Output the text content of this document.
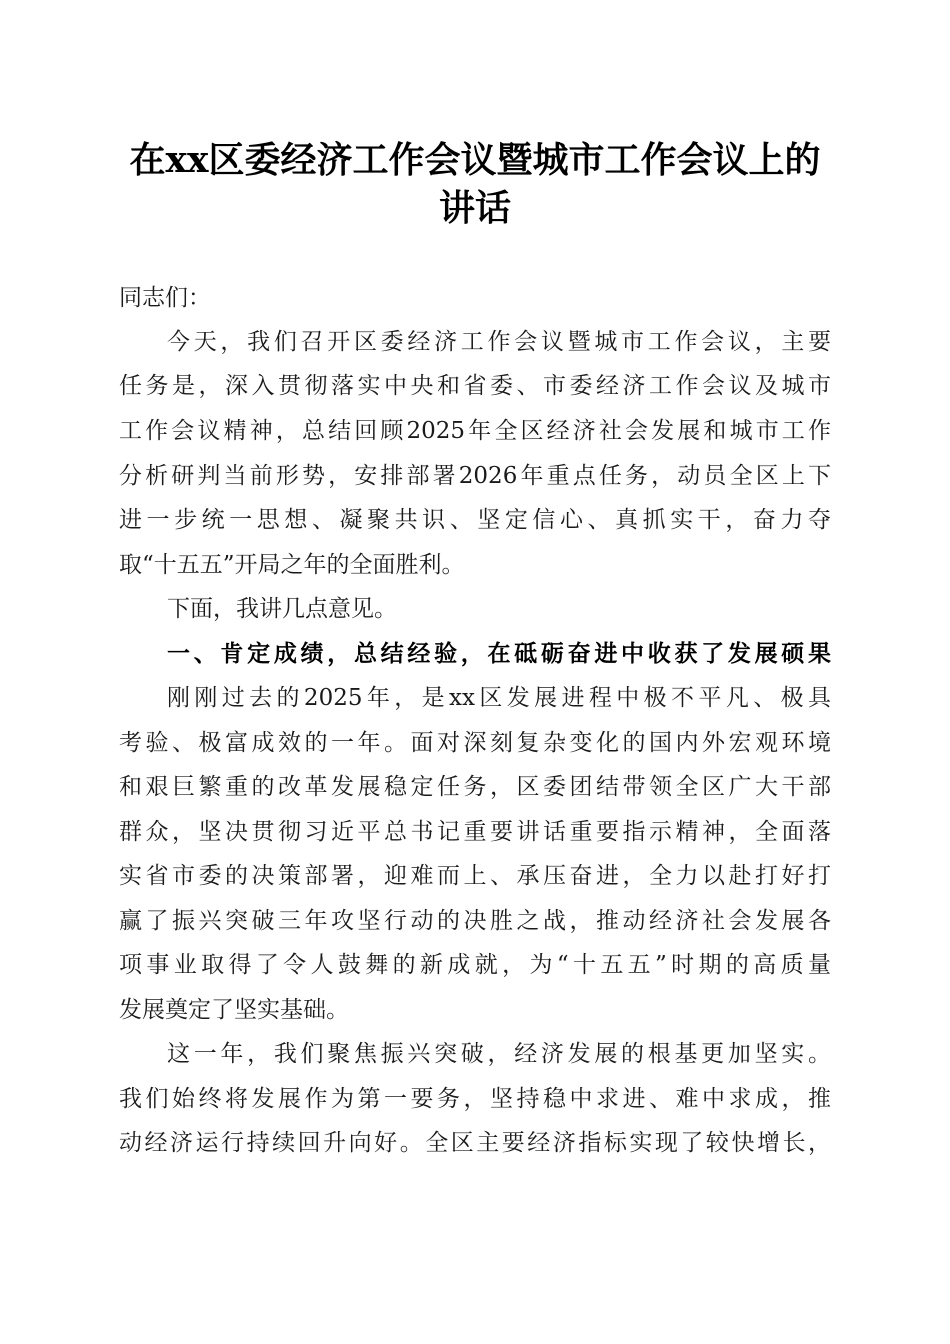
在xx区委经济工作会议暨城市工作会议上的
讲话
同志们：
今天，我们召开区委经济工作会议暨城市工作会议，主要
任务是，深入贯彻落实中央和省委、市委经济工作会议及城市
工作会议精神，总结回顾2025年全区经济社会发展和城市工作
分析研判当前形势，安排部署2026年重点任务，动员全区上下
进一步统一思想、凝聚共识、坚定信心、真抓实干，奋力夺
取“十五五”开局之年的全面胜利。
下面，我讲几点意见。
一、肯定成绩，总结经验，在砥砺奋进中收获了发展硕果
刚刚过去的2025年，是xx区发展进程中极不平凡、极具
考验、极富成效的一年。面对深刻复杂变化的国内外宏观环境
和艰巨繁重的改革发展稳定任务，区委团结带领全区广大干部
群众，坚决贯彻习近平总书记重要讲话重要指示精神，全面落
实省市委的决策部署，迎难而上、承压奋进，全力以赴打好打
赢了振兴突破三年攻坚行动的决胜之战，推动经济社会发展各
项事业取得了令人鼓舞的新成就，为“十五五”时期的高质量
发展奠定了坚实基础。
这一年，我们聚焦振兴突破，经济发展的根基更加坚实。
我们始终将发展作为第一要务，坚持稳中求进、难中求成，推
动经济运行持续回升向好。全区主要经济指标实现了较快增长，
